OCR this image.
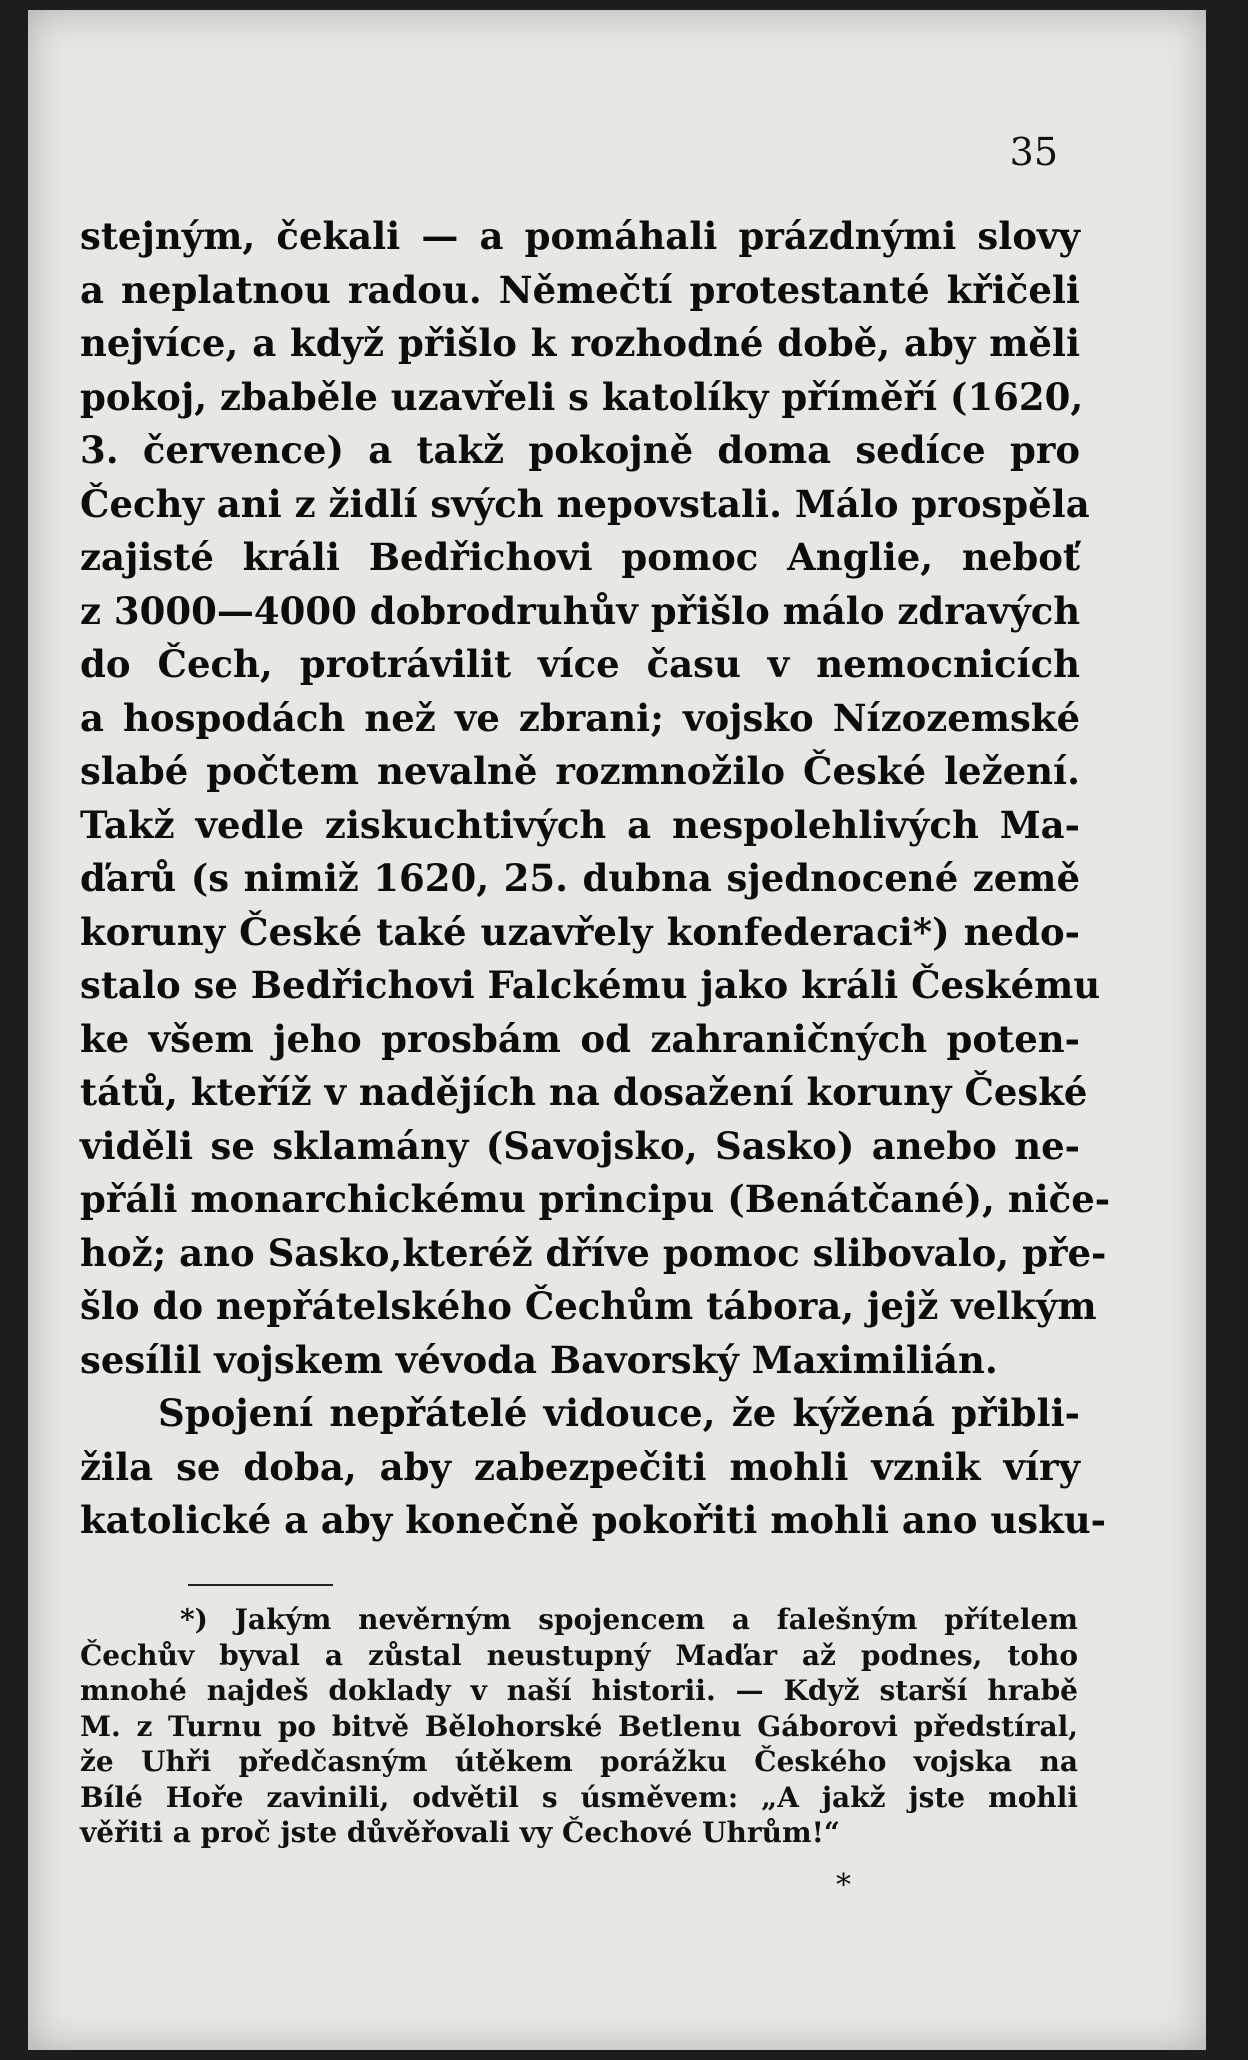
35
stejným, čekali — a pomáhali prázdnými slovy
a neplatnou radou. Němečtí protestanté křičeli
nejvíce, a když přišlo k rozhodné době, aby měli
pokoj, zbaběle uzavřeli s katolíky příměří (1620,
3. července) a takž pokojně doma sedíce pro
Čechy ani z židlí svých nepovstali. Málo prospěla
zajisté králi Bedřichovi pomoc Anglie, neboť
z 3000—4000 dobrodruhův přišlo málo zdravých
do Čech, protrávilit více času v nemocnicích
a hospodách než ve zbrani; vojsko Nízozemské
slabé počtem nevalně rozmnožilo České ležení.
Takž vedle ziskuchtivých a nespolehlivých Ma-
ďarů (s nimiž 1620, 25. dubna sjednocené země
koruny České také uzavřely konfederaci*) nedo-
stalo se Bedřichovi Falckému jako králi Českému
ke všem jeho prosbám od zahraničných poten-
tátů, kteříž v nadějích na dosažení koruny České
viděli se sklamány (Savojsko, Sasko) anebo ne-
přáli monarchickému principu (Benátčané), niče-
hož; ano Sasko,kteréž dříve pomoc slibovalo, pře-
šlo do nepřátelského Čechům tábora, jejž velkým
sesílil vojskem vévoda Bavorský Maximilián.
Spojení nepřátelé vidouce, že kýžená přibli-
žila se doba, aby zabezpečiti mohli vznik víry
katolické a aby konečně pokořiti mohli ano usku-
*) Jakým nevěrným spojencem a falešným přítelem
Čechův byval a zůstal neustupný Maďar až podnes, toho
mnohé najdeš doklady v naší historii. — Když starší hrabě
M. z Turnu po bitvě Bělohorské Betlenu Gáborovi předstíral,
že Uhři předčasným útěkem porážku Českého vojska na
Bílé Hoře zavinili, odvětil s úsměvem: „A jakž jste mohli
věřiti a proč jste důvěřovali vy Čechové Uhrům!“
*
